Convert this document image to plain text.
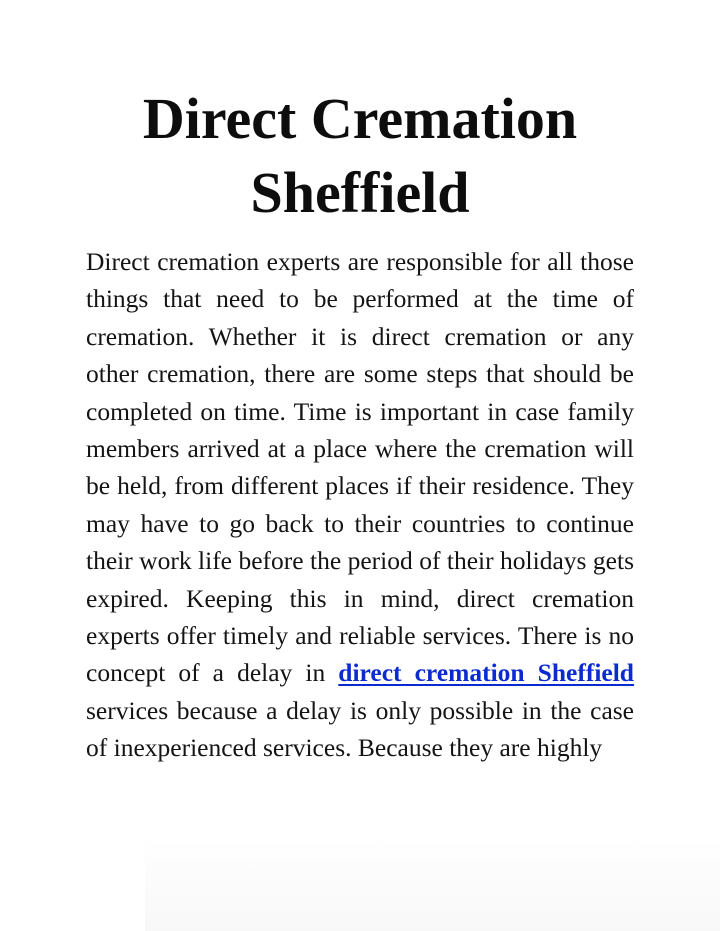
Direct Cremation
Sheffield

Direct cremation experts are responsible for all those things that need to be performed at the time of cremation. Whether it is direct cremation or any other cremation, there are some steps that should be completed on time. Time is important in case family members arrived at a place where the cremation will be held, from different places if their residence. They may have to go back to their countries to continue their work life before the period of their holidays gets expired. Keeping this in mind, direct cremation experts offer timely and reliable services. There is no concept of a delay in direct cremation Sheffield services because a delay is only possible in the case of inexperienced services. Because they are highly
